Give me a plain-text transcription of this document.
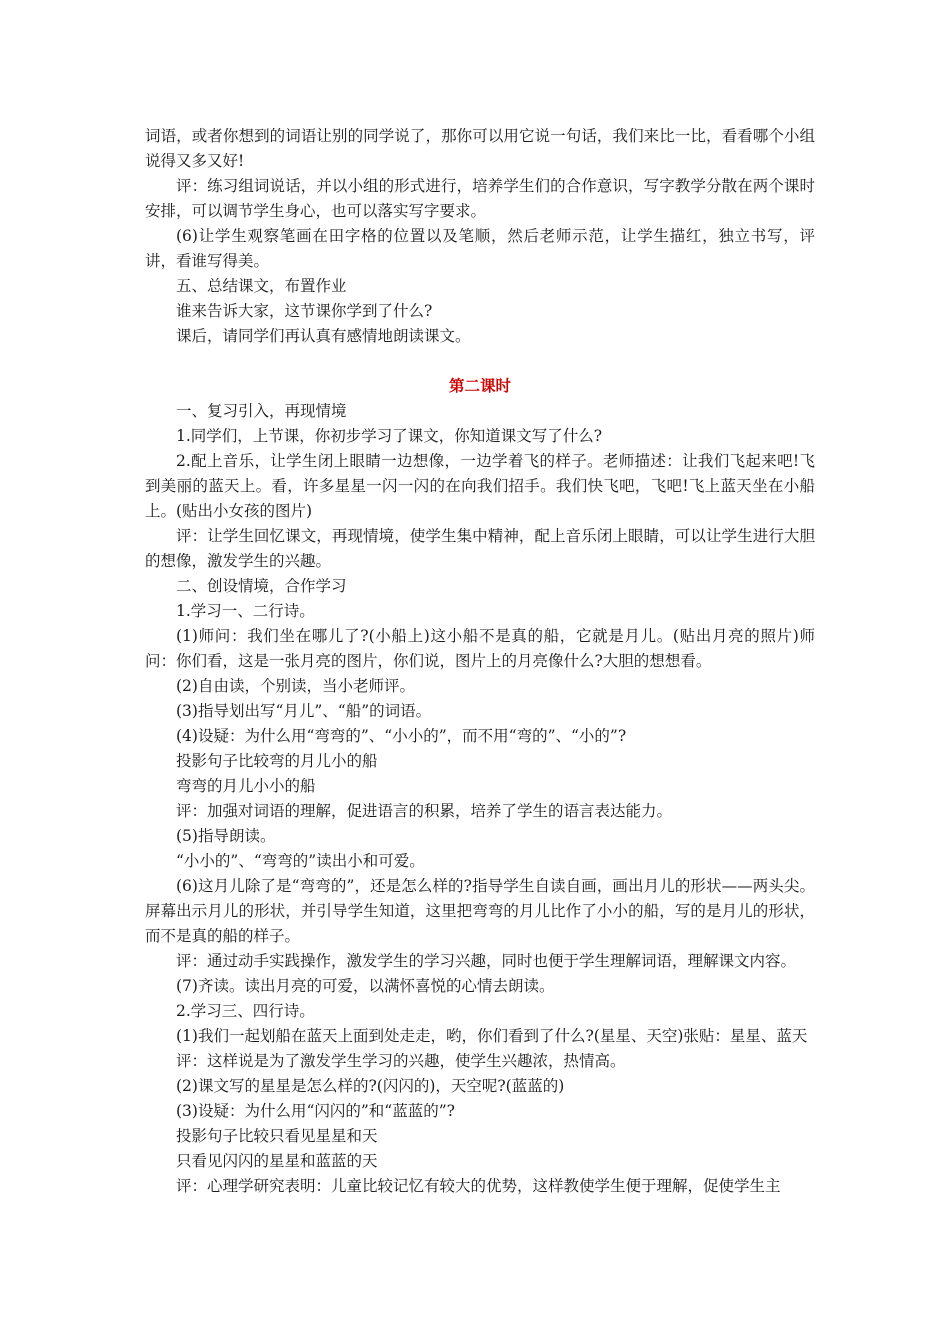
词语，或者你想到的词语让别的同学说了，那你可以用它说一句话，我们来比一比，看看哪个小组说得又多又好!

评：练习组词说话，并以小组的形式进行，培养学生们的合作意识，写字教学分散在两个课时安排，可以调节学生身心，也可以落实写字要求。

(6)让学生观察笔画在田字格的位置以及笔顺，然后老师示范，让学生描红，独立书写，评讲，看谁写得美。

五、总结课文，布置作业

谁来告诉大家，这节课你学到了什么?

课后，请同学们再认真有感情地朗读课文。

第二课时

一、复习引入，再现情境

1.同学们，上节课，你初步学习了课文，你知道课文写了什么?

2.配上音乐，让学生闭上眼睛一边想像，一边学着飞的样子。老师描述：让我们飞起来吧!飞到美丽的蓝天上。看，许多星星一闪一闪的在向我们招手。我们快飞吧，飞吧!飞上蓝天坐在小船上。(贴出小女孩的图片)

评：让学生回忆课文，再现情境，使学生集中精神，配上音乐闭上眼睛，可以让学生进行大胆的想像，激发学生的兴趣。

二、创设情境，合作学习

1.学习一、二行诗。

(1)师问：我们坐在哪儿了?(小船上)这小船不是真的船，它就是月儿。(贴出月亮的照片)师问：你们看，这是一张月亮的图片，你们说，图片上的月亮像什么?大胆的想想看。

(2)自由读，个别读，当小老师评。

(3)指导划出写“月儿”、“船”的词语。

(4)设疑：为什么用“弯弯的”、“小小的”，而不用“弯的”、“小的”?

投影句子比较弯的月儿小的船

弯弯的月儿小小的船

评：加强对词语的理解，促进语言的积累，培养了学生的语言表达能力。

(5)指导朗读。

“小小的”、“弯弯的”读出小和可爱。

(6)这月儿除了是“弯弯的”，还是怎么样的?指导学生自读自画，画出月儿的形状——两头尖。屏幕出示月儿的形状，并引导学生知道，这里把弯弯的月儿比作了小小的船，写的是月儿的形状，而不是真的船的样子。

评：通过动手实践操作，激发学生的学习兴趣，同时也便于学生理解词语，理解课文内容。

(7)齐读。读出月亮的可爱，以满怀喜悦的心情去朗读。

2.学习三、四行诗。

(1)我们一起划船在蓝天上面到处走走，哟，你们看到了什么?(星星、天空)张贴：星星、蓝天

评：这样说是为了激发学生学习的兴趣，使学生兴趣浓，热情高。

(2)课文写的星星是怎么样的?(闪闪的)，天空呢?(蓝蓝的)

(3)设疑：为什么用“闪闪的”和“蓝蓝的”?

投影句子比较只看见星星和天

只看见闪闪的星星和蓝蓝的天

评：心理学研究表明：儿童比较记忆有较大的优势，这样教使学生便于理解，促使学生主
